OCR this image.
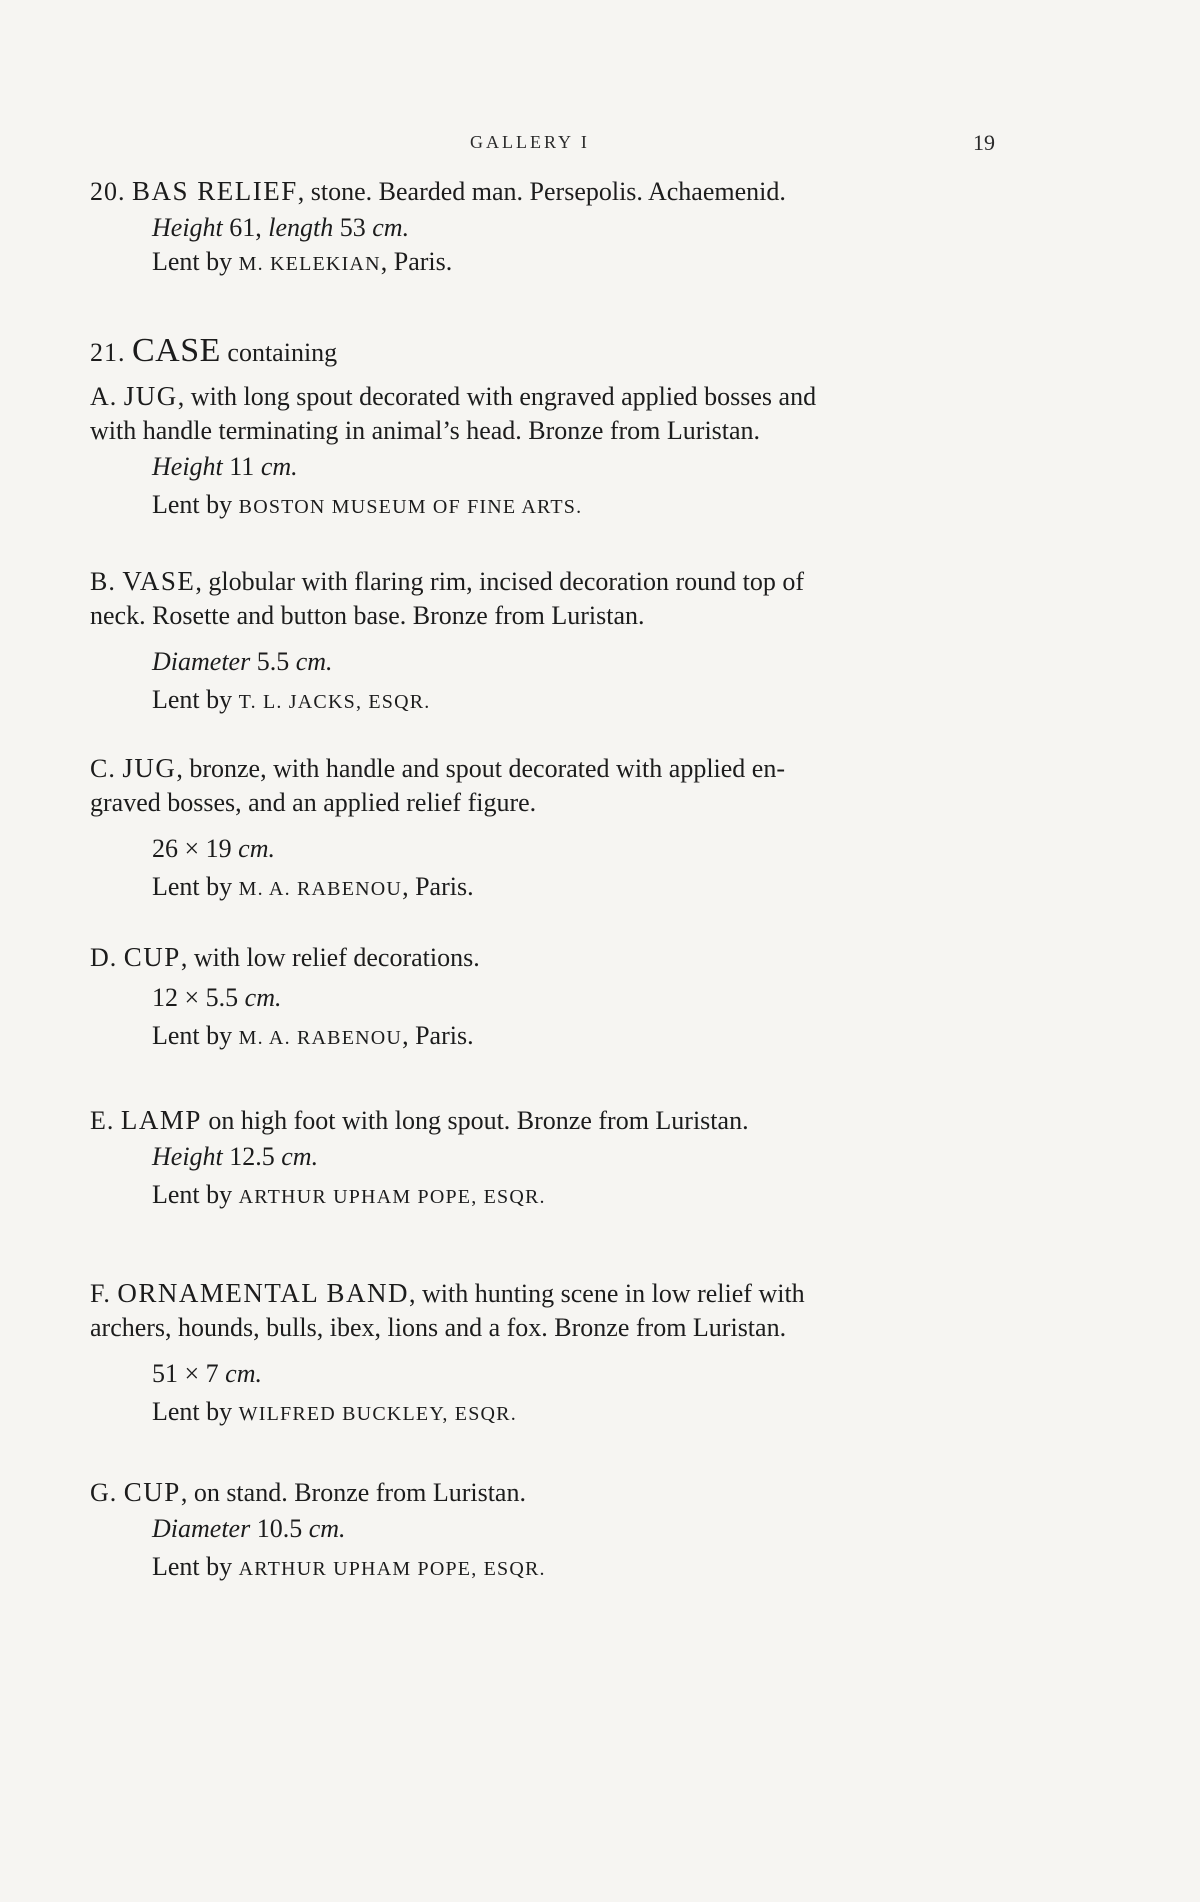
GALLERY I	19
20. BAS RELIEF, stone. Bearded man. Persepolis. Achaemenid.
Height 61, length 53 cm.
Lent by M. KELEKIAN, Paris.
21. CASE containing
A. JUG, with long spout decorated with engraved applied bosses and
with handle terminating in animal’s head. Bronze from Luristan.
Height 11 cm.
Lent by BOSTON MUSEUM OF FINE ARTS.
B. VASE, globular with flaring rim, incised decoration round top of
neck. Rosette and button base. Bronze from Luristan.
Diameter 5.5 cm.
Lent by T. L. JACKS, ESQR.
C. JUG, bronze, with handle and spout decorated with applied en-
graved bosses, and an applied relief figure.
26 × 19 cm.
Lent by M. A. RABENOU, Paris.
D. CUP, with low relief decorations.
12 × 5.5 cm.
Lent by M. A. RABENOU, Paris.
E. LAMP on high foot with long spout. Bronze from Luristan.
Height 12.5 cm.
Lent by ARTHUR UPHAM POPE, ESQR.
F. ORNAMENTAL BAND, with hunting scene in low relief with
archers, hounds, bulls, ibex, lions and a fox. Bronze from Luristan.
51 × 7 cm.
Lent by WILFRED BUCKLEY, ESQR.
G. CUP, on stand. Bronze from Luristan.
Diameter 10.5 cm.
Lent by ARTHUR UPHAM POPE, ESQR.
